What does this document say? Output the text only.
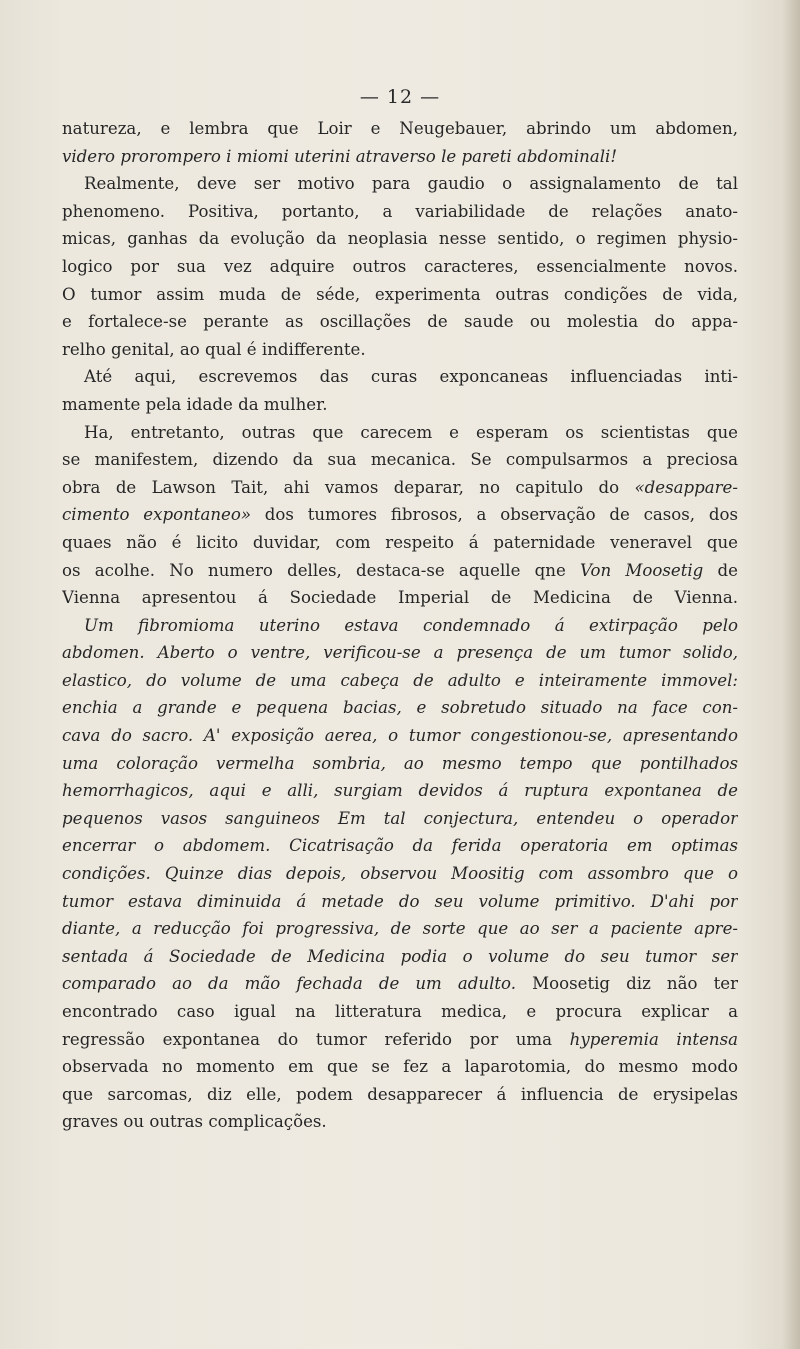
— 12 —
natureza, e lembra que Loir e Neugebauer, abrindo um abdomen,
videro prorompero i miomi uterini atraverso le pareti abdominali!
Realmente, deve ser motivo para gaudio o assignalamento de tal
phenomeno. Positiva, portanto, a variabilidade de relações anato-
micas, ganhas da evolução da neoplasia nesse sentido, o regimen physio-
logico por sua vez adquire outros caracteres, essencialmente novos.
O tumor assim muda de séde, experimenta outras condições de vida,
e fortalece-se perante as oscillações de saude ou molestia do appa-
relho genital, ao qual é indifferente.
Até aqui, escrevemos das curas exponcaneas influenciadas inti-
mamente pela idade da mulher.
Ha, entretanto, outras que carecem e esperam os scientistas que
se manifestem, dizendo da sua mecanica. Se compulsarmos a preciosa
obra de Lawson Tait, ahi vamos deparar, no capitulo do «desappare-
cimento expontaneo» dos tumores fibrosos, a observação de casos, dos
quaes não é licito duvidar, com respeito á paternidade veneravel que
os acolhe. No numero delles, destaca-se aquelle qne Von Moosetig de
Vienna apresentou á Sociedade Imperial de Medicina de Vienna.
Um fibromioma uterino estava condemnado á extirpação pelo
abdomen. Aberto o ventre, verificou-se a presença de um tumor solido,
elastico, do volume de uma cabeça de adulto e inteiramente immovel:
enchia a grande e pequena bacias, e sobretudo situado na face con-
cava do sacro. A' exposição aerea, o tumor congestionou-se, apresentando
uma coloração vermelha sombria, ao mesmo tempo que pontilhados
hemorrhagicos, aqui e alli, surgiam devidos á ruptura expontanea de
pequenos vasos sanguineos Em tal conjectura, entendeu o operador
encerrar o abdomem. Cicatrisação da ferida operatoria em optimas
condições. Quinze dias depois, observou Moositig com assombro que o
tumor estava diminuida á metade do seu volume primitivo. D'ahi por
diante, a reducção foi progressiva, de sorte que ao ser a paciente apre-
sentada á Sociedade de Medicina podia o volume do seu tumor ser
comparado ao da mão fechada de um adulto. Moosetig diz não ter
encontrado caso igual na litteratura medica, e procura explicar a
regressão expontanea do tumor referido por uma hyperemia intensa
observada no momento em que se fez a laparotomia, do mesmo modo
que sarcomas, diz elle, podem desapparecer á influencia de erysipelas
graves ou outras complicações.
